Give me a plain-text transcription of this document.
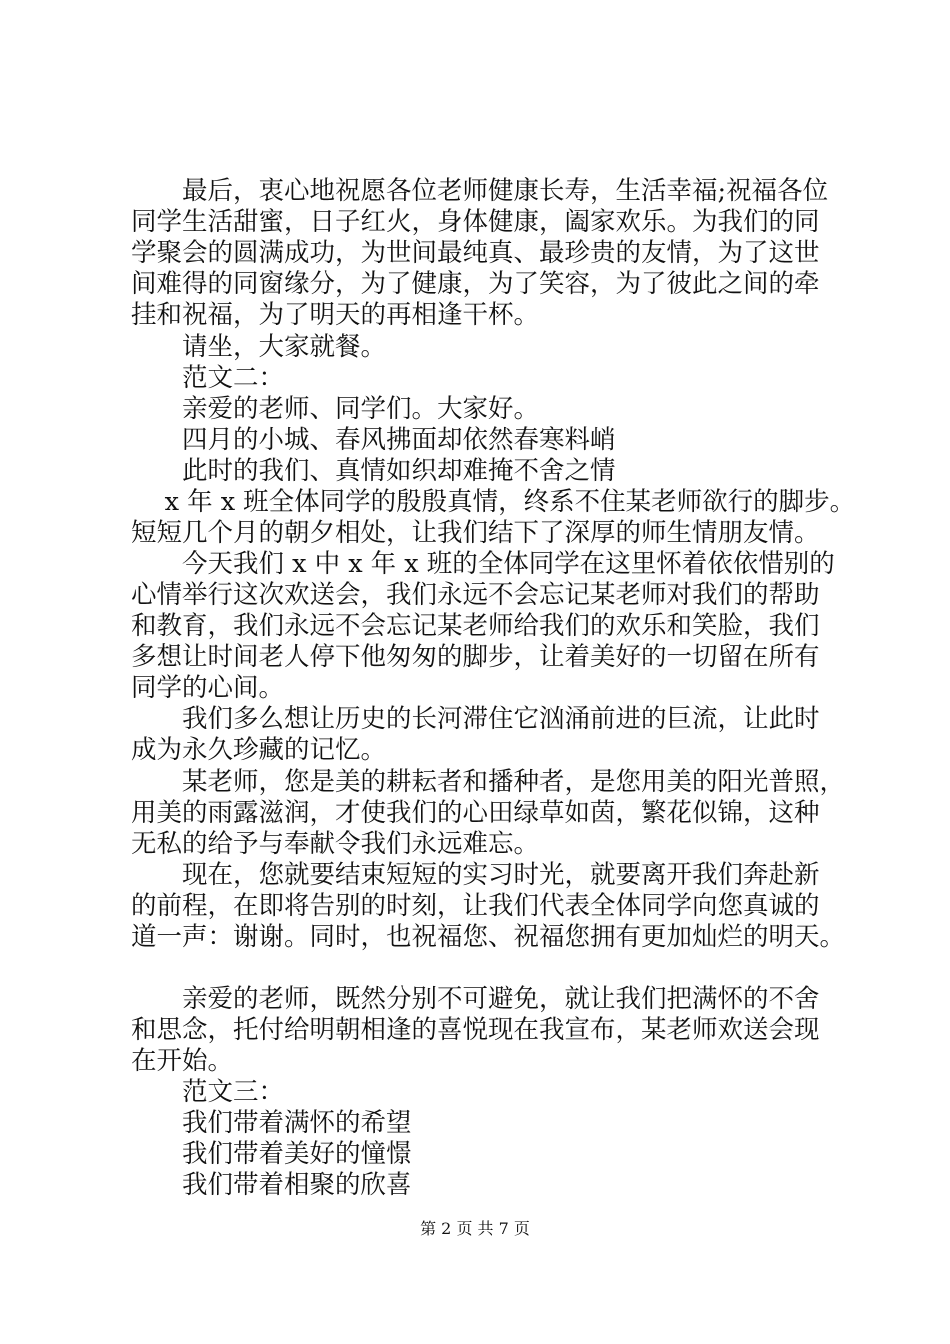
　　最后，衷心地祝愿各位老师健康长寿，生活幸福;祝福各位
同学生活甜蜜，日子红火，身体健康，阖家欢乐。为我们的同
学聚会的圆满成功，为世间最纯真、最珍贵的友情，为了这世
间难得的同窗缘分，为了健康，为了笑容，为了彼此之间的牵
挂和祝福，为了明天的再相逢干杯。
　　请坐，大家就餐。
　　范文二：
　　亲爱的老师、同学们。大家好。
　　四月的小城、春风拂面却依然春寒料峭
　　此时的我们、真情如织却难掩不舍之情
　 x 年 x 班全体同学的殷殷真情，终系不住某老师欲行的脚步。
短短几个月的朝夕相处，让我们结下了深厚的师生情朋友情。
　　今天我们 x 中 x 年 x 班的全体同学在这里怀着依依惜别的
心情举行这次欢送会，我们永远不会忘记某老师对我们的帮助
和教育，我们永远不会忘记某老师给我们的欢乐和笑脸，我们
多想让时间老人停下他匆匆的脚步，让着美好的一切留在所有
同学的心间。
　　我们多么想让历史的长河滞住它汹涌前进的巨流，让此时
成为永久珍藏的记忆。
　　某老师，您是美的耕耘者和播种者，是您用美的阳光普照，
用美的雨露滋润，才使我们的心田绿草如茵，繁花似锦，这种
无私的给予与奉献令我们永远难忘。
　　现在，您就要结束短短的实习时光，就要离开我们奔赴新
的前程，在即将告别的时刻，让我们代表全体同学向您真诚的
道一声：谢谢。同时，也祝福您、祝福您拥有更加灿烂的明天。
　　亲爱的老师，既然分别不可避免，就让我们把满怀的不舍
和思念，托付给明朝相逢的喜悦现在我宣布，某老师欢送会现
在开始。
　　范文三：
　　我们带着满怀的希望
　　我们带着美好的憧憬
　　我们带着相聚的欣喜
第 2 页 共 7 页
